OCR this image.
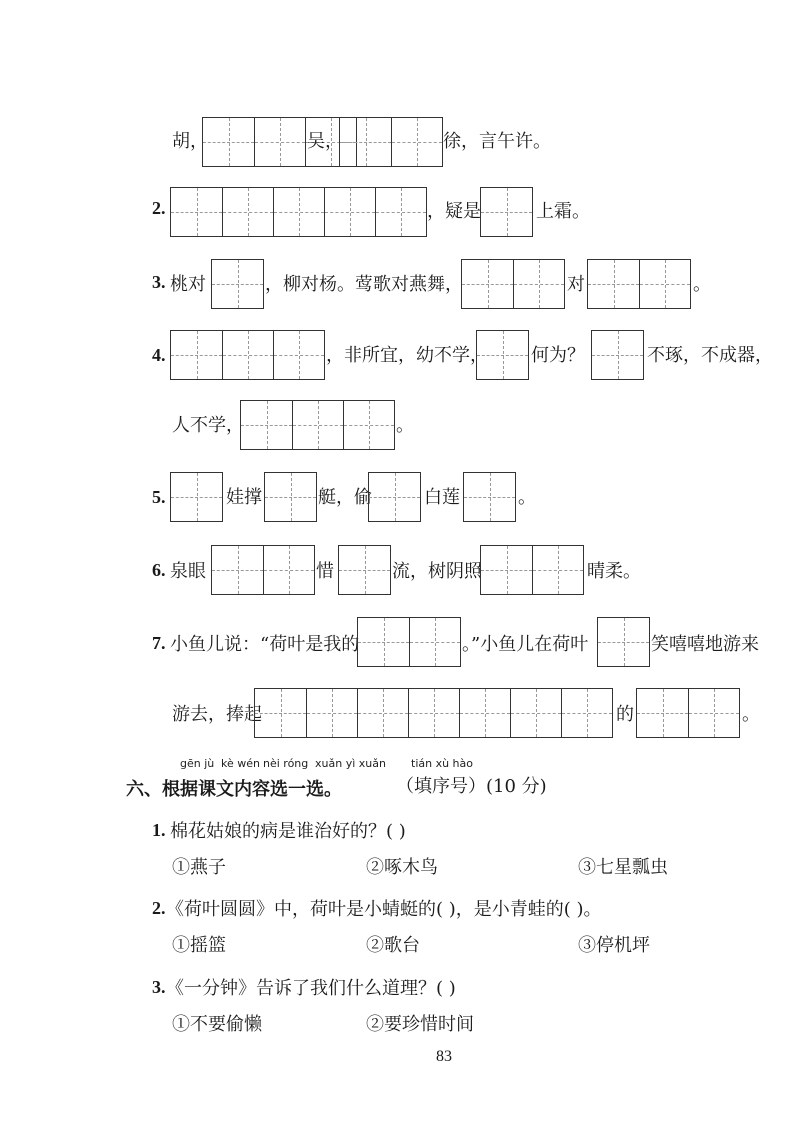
胡，	吴，	徐，言午许。
2.	，疑是	上霜。
3. 桃对	，柳对杨。莺歌对燕舞，	对	。
4.	，非所宜，幼不学， 何为？	不琢，不成器，
人不学，	。
5.	娃撑	艇，偷	白莲	。
6. 泉眼	惜	流，树阴照	晴柔。
7. 小鱼儿说：“荷叶是我的	。”小鱼儿在荷叶	笑嘻嘻地游来
游去，捧起	的	。
gēn jù kè wén nèi róng xuǎn yì xuǎn tián xù hào
六、根据课文内容选一选。	（填序号）(10 分)
1. 棉花姑娘的病是谁治好的？( )
①燕子	②啄木鸟	③七星瓢虫
2. 《荷叶圆圆》中，荷叶是小蜻蜓的( )，是小青蛙的( )。
①摇篮	②歌台	③停机坪
3. 《一分钟》告诉了我们什么道理？( )
①不要偷懒	②要珍惜时间
83
